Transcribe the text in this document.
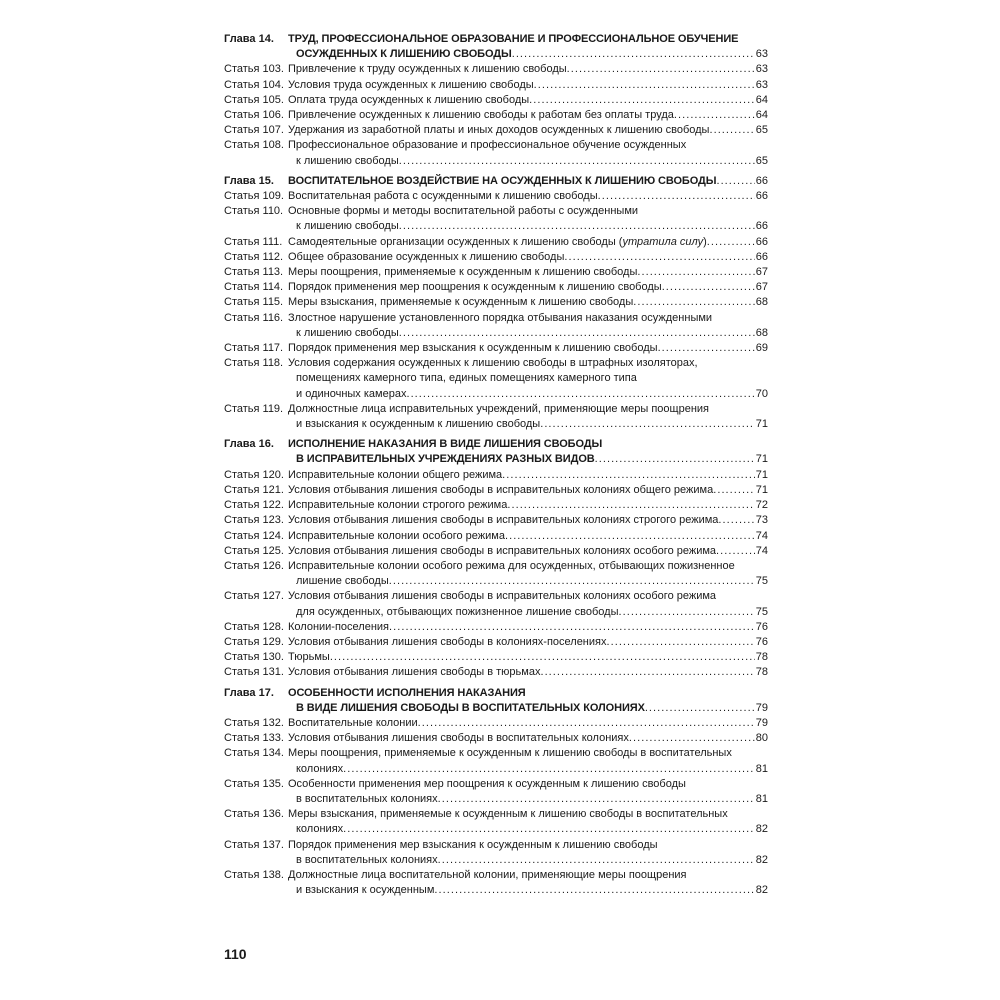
Глава 14.	ТРУД, ПРОФЕССИОНАЛЬНОЕ ОБРАЗОВАНИЕ И ПРОФЕССИОНАЛЬНОЕ ОБУЧЕНИЕ
ОСУЖДЕННЫХ К ЛИШЕНИЮ СВОБОДЫ . . .	63
Статья 103. Привлечение к труду осужденных к лишению свободы . . .	63
Статья 104. Условия труда осужденных к лишению свободы . . .	63
Статья 105. Оплата труда осужденных к лишению свободы . . .	64
Статья 106. Привлечение осужденных к лишению свободы к работам без оплаты труда . . .	64
Статья 107. Удержания из заработной платы и иных доходов осужденных к лишению свободы . . .	65
Статья 108. Профессиональное образование и профессиональное обучение осужденных
к лишению свободы . . .	65
Глава 15.	ВОСПИТАТЕЛЬНОЕ ВОЗДЕЙСТВИЕ НА ОСУЖДЕННЫХ К ЛИШЕНИЮ СВОБОДЫ . . .	66
Статья 109. Воспитательная работа с осужденными к лишению свободы . . .	66
Статья 110. Основные формы и методы воспитательной работы с осужденными
к лишению свободы . . .	66
Статья 111. Самодеятельные организации осужденных к лишению свободы (утратила силу) . . .	66
Статья 112. Общее образование осужденных к лишению свободы . . .	66
Статья 113. Меры поощрения, применяемые к осужденным к лишению свободы . . .	67
Статья 114. Порядок применения мер поощрения к осужденным к лишению свободы . . .	67
Статья 115. Меры взыскания, применяемые к осужденным к лишению свободы . . .	68
Статья 116. Злостное нарушение установленного порядка отбывания наказания осужденными
к лишению свободы . . .	68
Статья 117. Порядок применения мер взыскания к осужденным к лишению свободы . . .	69
Статья 118. Условия содержания осужденных к лишению свободы в штрафных изоляторах,
помещениях камерного типа, единых помещениях камерного типа
и одиночных камерах . . .	70
Статья 119. Должностные лица исправительных учреждений, применяющие меры поощрения
и взыскания к осужденным к лишению свободы . . .	71
Глава 16.	ИСПОЛНЕНИЕ НАКАЗАНИЯ В ВИДЕ ЛИШЕНИЯ СВОБОДЫ
В ИСПРАВИТЕЛЬНЫХ УЧРЕЖДЕНИЯХ РАЗНЫХ ВИДОВ . . .	71
Статья 120. Исправительные колонии общего режима . . .	71
Статья 121. Условия отбывания лишения свободы в исправительных колониях общего режима . . .	71
Статья 122. Исправительные колонии строгого режима . . .	72
Статья 123. Условия отбывания лишения свободы в исправительных колониях строгого режима . . .	73
Статья 124. Исправительные колонии особого режима . . .	74
Статья 125. Условия отбывания лишения свободы в исправительных колониях особого режима . . .	74
Статья 126. Исправительные колонии особого режима для осужденных, отбывающих пожизненное
лишение свободы . . .	75
Статья 127. Условия отбывания лишения свободы в исправительных колониях особого режима
для осужденных, отбывающих пожизненное лишение свободы . . .	75
Статья 128. Колонии-поселения . . .	76
Статья 129. Условия отбывания лишения свободы в колониях-поселениях . . .	76
Статья 130. Тюрьмы . . .	78
Статья 131. Условия отбывания лишения свободы в тюрьмах . . .	78
Глава 17.	ОСОБЕННОСТИ ИСПОЛНЕНИЯ НАКАЗАНИЯ
В ВИДЕ ЛИШЕНИЯ СВОБОДЫ В ВОСПИТАТЕЛЬНЫХ КОЛОНИЯХ . . .	79
Статья 132. Воспитательные колонии . . .	79
Статья 133. Условия отбывания лишения свободы в воспитательных колониях . . .	80
Статья 134. Меры поощрения, применяемые к осужденным к лишению свободы в воспитательных
колониях . . .	81
Статья 135. Особенности применения мер поощрения к осужденным к лишению свободы
в воспитательных колониях . . .	81
Статья 136. Меры взыскания, применяемые к осужденным к лишению свободы в воспитательных
колониях . . .	82
Статья 137. Порядок применения мер взыскания к осужденным к лишению свободы
в воспитательных колониях . . .	82
Статья 138. Должностные лица воспитательной колонии, применяющие меры поощрения
и взыскания к осужденным . . .	82
110
